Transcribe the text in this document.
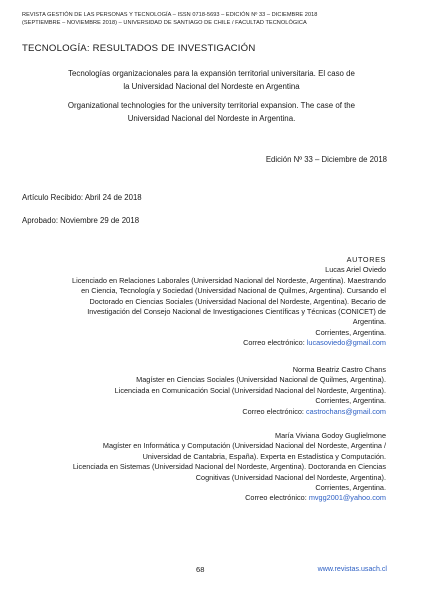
REVISTA GESTIÓN DE LAS PERSONAS Y TECNOLOGÍA – ISSN 0718-5693 – EDICIÓN Nº 33 – DICIEMBRE 2018
(SEPTIEMBRE – NOVIEMBRE 2018) – UNIVERSIDAD DE SANTIAGO DE CHILE / FACULTAD TECNOLÓGICA
TECNOLOGÍA: RESULTADOS DE INVESTIGACIÓN
Tecnologías organizacionales para la expansión territorial universitaria. El caso de
la Universidad Nacional del Nordeste en Argentina
Organizational technologies for the university territorial expansion. The case of the
Universidad Nacional del Nordeste in Argentina.
Edición Nº 33 – Diciembre de 2018
Artículo Recibido: Abril 24 de 2018
Aprobado: Noviembre 29 de 2018
AUTORES
Lucas Ariel Oviedo
Licenciado en Relaciones Laborales (Universidad Nacional del Nordeste, Argentina). Maestrando
en Ciencia, Tecnología y Sociedad (Universidad Nacional de Quilmes, Argentina). Cursando el
Doctorado en Ciencias Sociales (Universidad Nacional del Nordeste, Argentina). Becario de
Investigación del Consejo Nacional de Investigaciones Científicas y Técnicas (CONICET) de
Argentina.
Corrientes, Argentina.
Correo electrónico: lucasoviedo@gmail.com
Norma Beatriz Castro Chans
Magíster en Ciencias Sociales (Universidad Nacional de Quilmes, Argentina).
Licenciada en Comunicación Social (Universidad Nacional del Nordeste, Argentina).
Corrientes, Argentina.
Correo electrónico: castrochans@gmail.com
María Viviana Godoy Guglielmone
Magíster en Informática y Computación (Universidad Nacional del Nordeste, Argentina /
Universidad de Cantabria, España). Experta en Estadística y Computación.
Licenciada en Sistemas (Universidad Nacional del Nordeste, Argentina). Doctoranda en Ciencias
Cognitivas (Universidad Nacional del Nordeste, Argentina).
Corrientes, Argentina.
Correo electrónico: mvgg2001@yahoo.com
68	www.revistas.usach.cl
